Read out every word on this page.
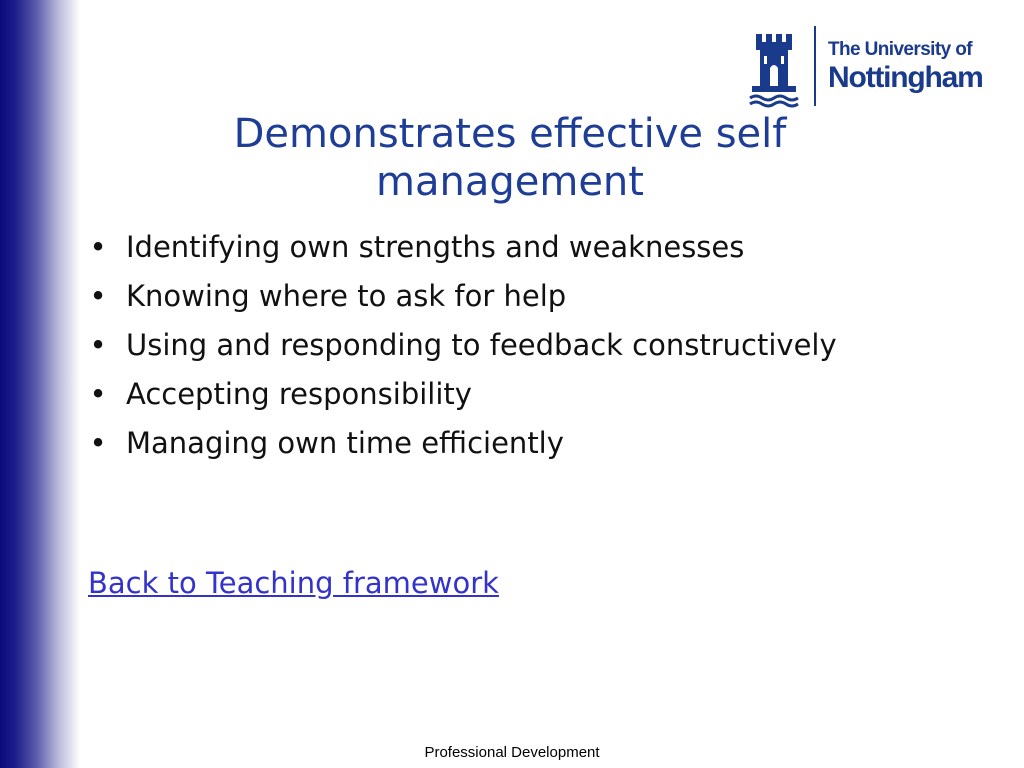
The University of
Nottingham
Demonstrates effective self management
• Identifying own strengths and weaknesses
• Knowing where to ask for help
• Using and responding to feedback constructively
• Accepting responsibility
• Managing own time efficiently
Back to Teaching framework
Professional Development
